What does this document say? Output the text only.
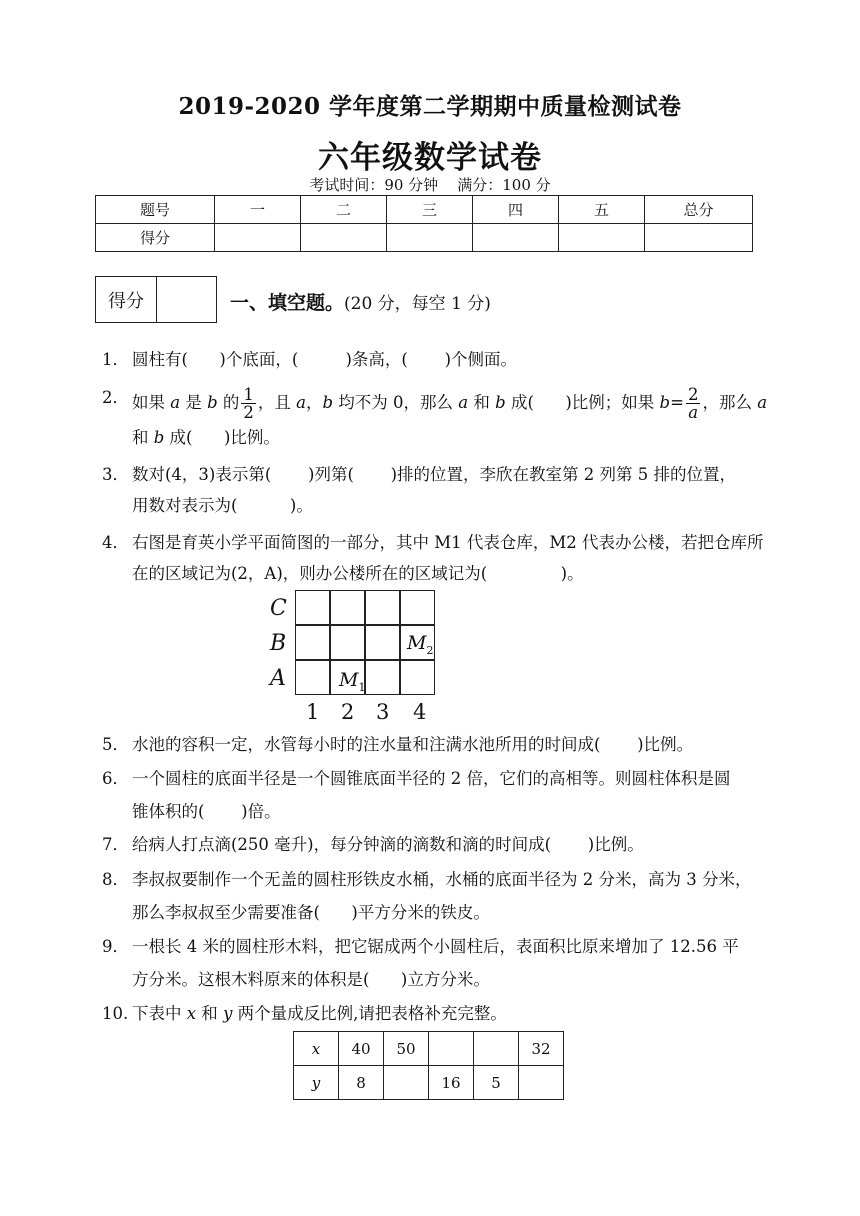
2019-2020 学年度第二学期期中质量检测试卷
六年级数学试卷
考试时间：90 分钟    满分：100 分
题号	一	二	三	四	五	总分
得分						
得分	一、填空题。(20 分，每空 1 分)
1． 圆柱有(      )个底面，(         )条高，(       )个侧面。
2． 如果 a 是 b 的 $\frac{1}{2}$ ，且 a，b 均不为 0，那么 a 和 b 成(      )比例；如果 $b= \frac{2}{a}$ ，那么 a
和 b 成(      )比例。
3． 数对(4，3)表示第(       )列第(       )排的位置，李欣在教室第 2 列第 5 排的位置，
用数对表示为(          )。
4． 右图是育英小学平面简图的一部分，其中 M1 代表仓库，M2 代表办公楼，若把仓库所
在的区域记为(2，A)，则办公楼所在的区域记为(              )。
C
B
A
$M_2$
$M_1$
1 2 3 4
5． 水池的容积一定，水管每小时的注水量和注满水池所用的时间成(       )比例。
6． 一个圆柱的底面半径是一个圆锥底面半径的 2 倍，它们的高相等。则圆柱体积是圆
锥体积的(       )倍。
7． 给病人打点滴(250 毫升)，每分钟滴的滴数和滴的时间成(       )比例。
8． 李叔叔要制作一个无盖的圆柱形铁皮水桶，水桶的底面半径为 2 分米，高为 3 分米，
那么李叔叔至少需要准备(      )平方分米的铁皮。
9． 一根长 4 米的圆柱形木料，把它锯成两个小圆柱后，表面积比原来增加了 12.56 平
方分米。这根木料原来的体积是(      )立方分米。
10. 下表中 x 和 y 两个量成反比例,请把表格补充完整。
x	40	50			32
y	8		16	5	
